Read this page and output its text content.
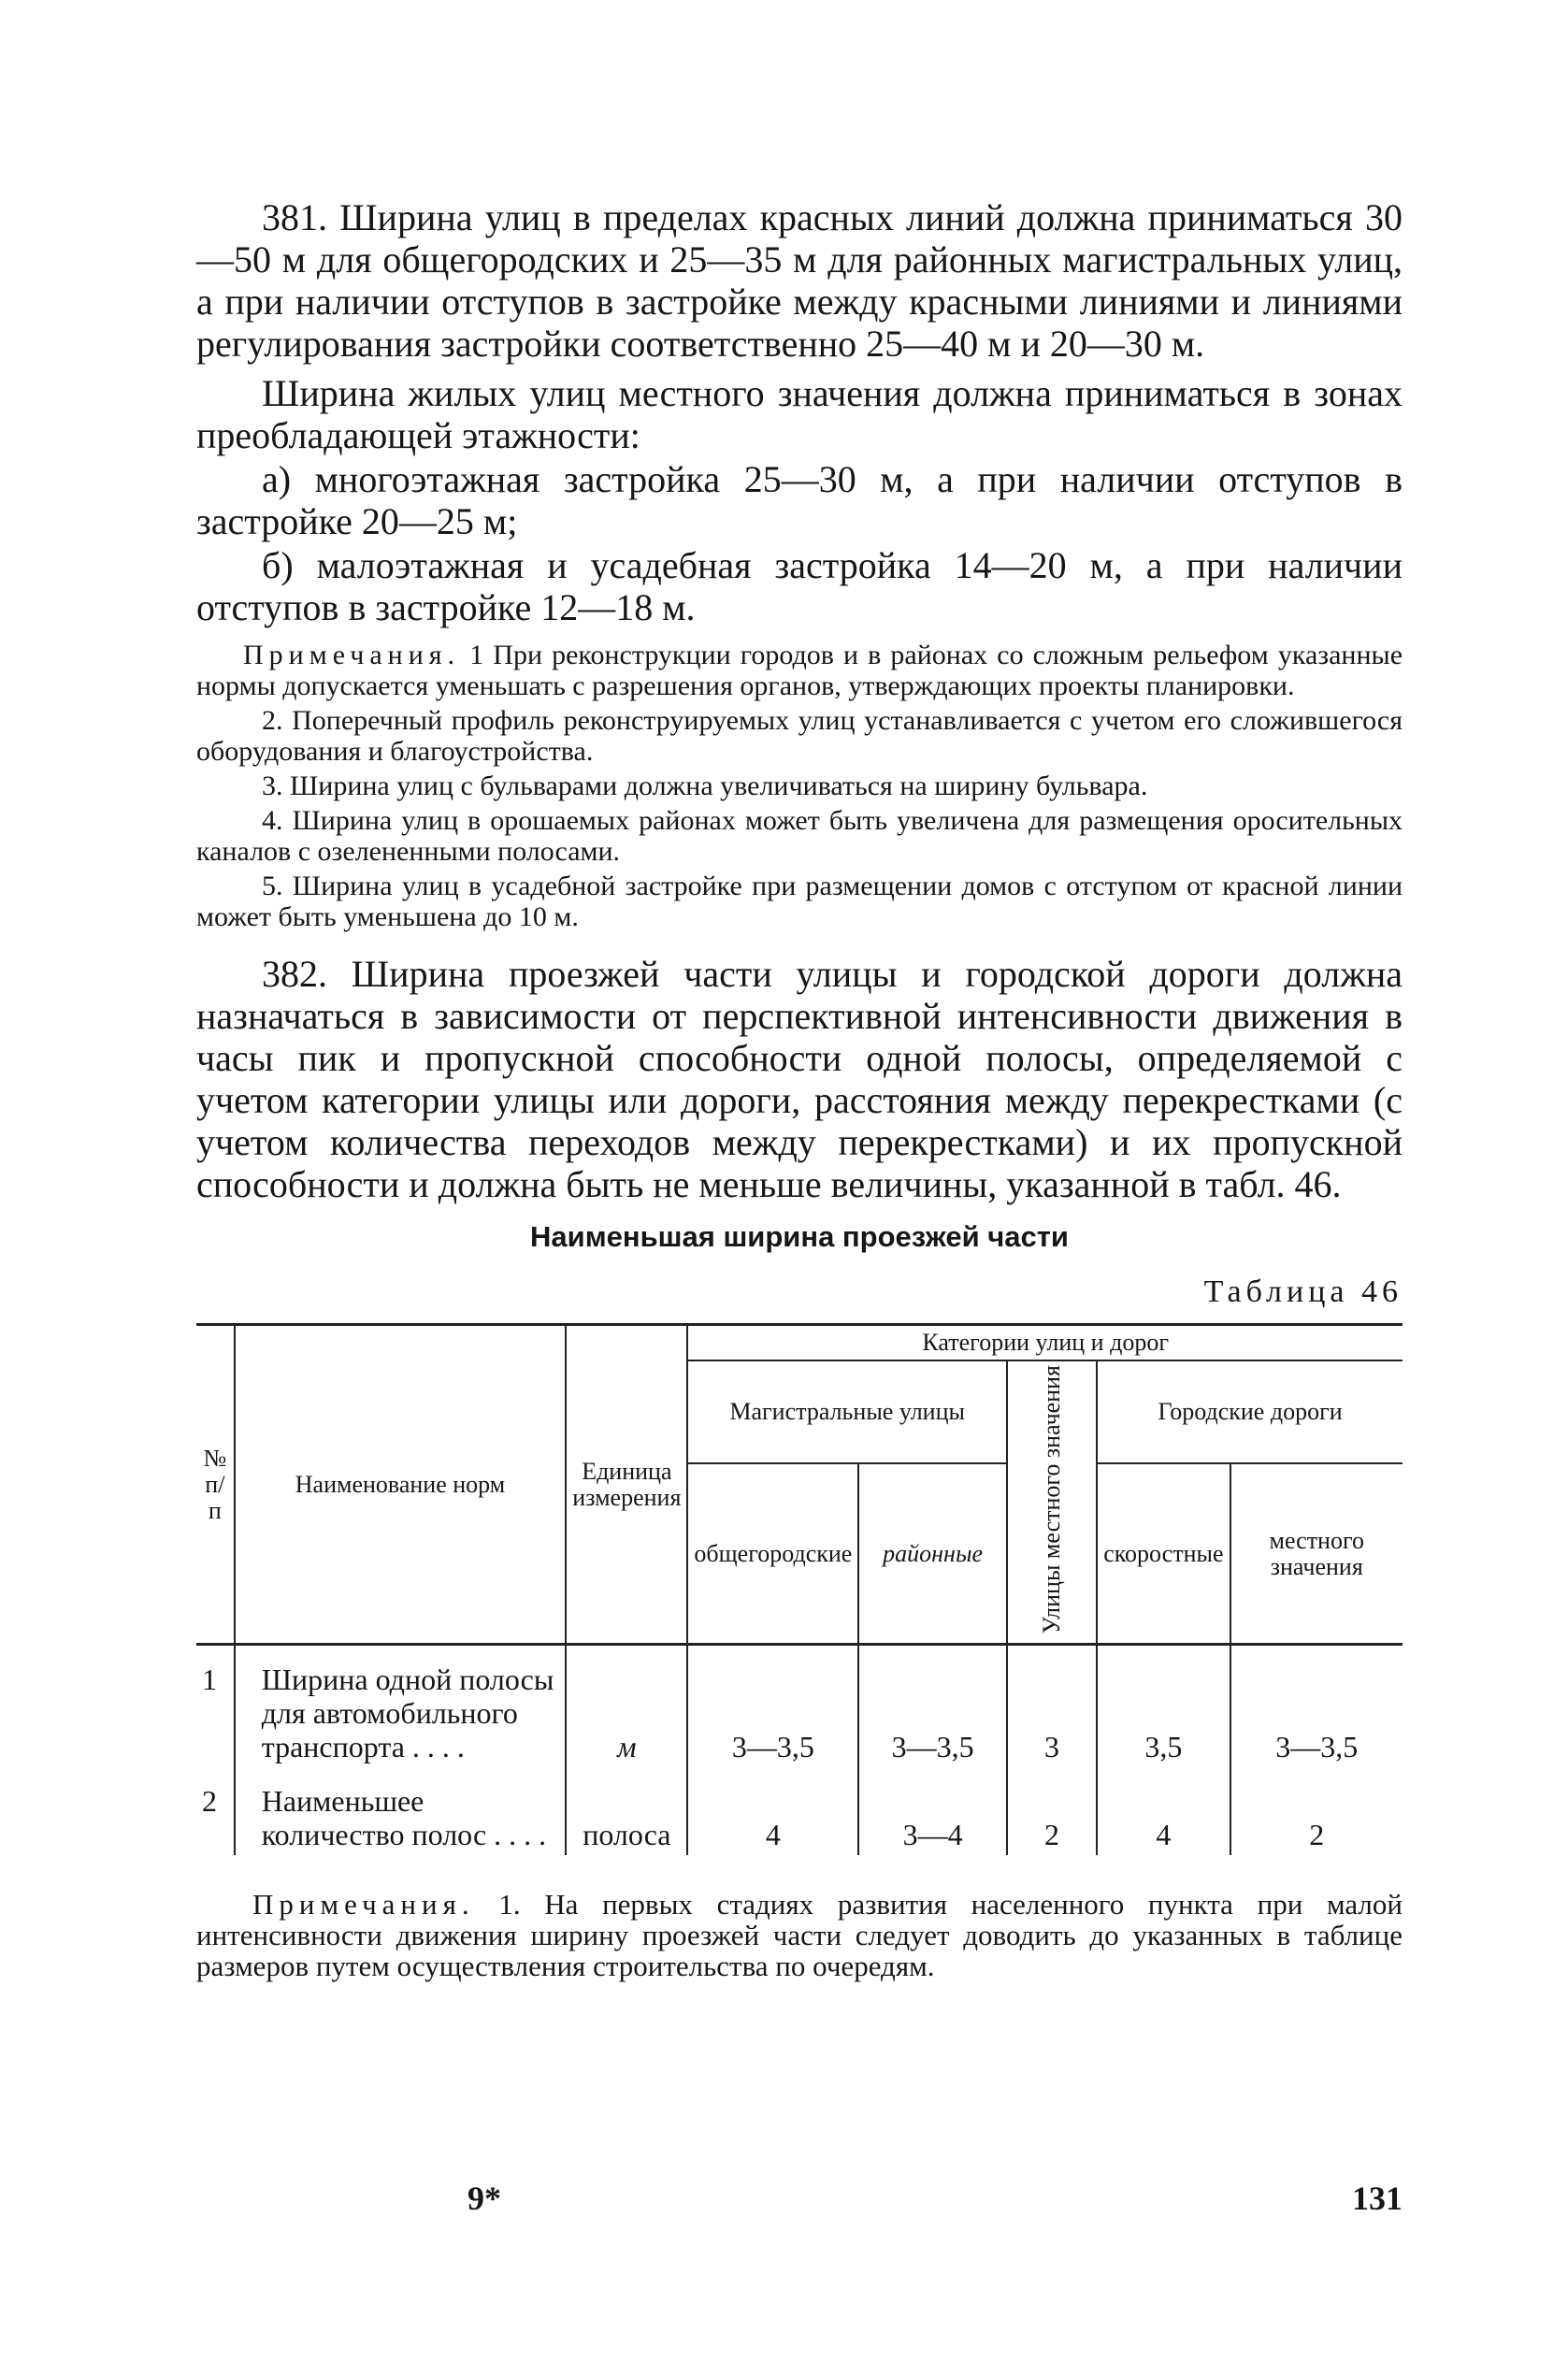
381. Ширина улиц в пределах красных линий должна приниматься 30—50 м для общегородских и 25—35 м для районных магистральных улиц, а при наличии отступов в застройке между красными линиями и линиями регулирования застройки соответственно 25—40 м и 20—30 м.

Ширина жилых улиц местного значения должна приниматься в зонах преобладающей этажности:

а) многоэтажная застройка 25—30 м, а при наличии отступов в застройке 20—25 м;

б) малоэтажная и усадебная застройка 14—20 м, а при наличии отступов в застройке 12—18 м.

Примечания. 1 При реконструкции городов и в районах со сложным рельефом указанные нормы допускается уменьшать с разрешения органов, утверждающих проекты планировки.

2. Поперечный профиль реконструируемых улиц устанавливается с учетом его сложившегося оборудования и благоустройства.

3. Ширина улиц с бульварами должна увеличиваться на ширину бульвара.

4. Ширина улиц в орошаемых районах может быть увеличена для размещения оросительных каналов с озелененными полосами.

5. Ширина улиц в усадебной застройке при размещении домов с отступом от красной линии может быть уменьшена до 10 м.

382. Ширина проезжей части улицы и городской дороги должна назначаться в зависимости от перспективной интенсивности движения в часы пик и пропускной способности одной полосы, определяемой с учетом категории улицы или дороги, расстояния между перекрестками (с учетом количества переходов между перекрестками) и их пропускной способности и должна быть не меньше величины, указанной в табл. 46.

Наименьшая ширина проезжей части
Таблица 46
№ п/п	Наименование норм	Единица измерения	Категории улиц и дорог				
			Магистральные улицы		Улицы местного значения	Городские дороги	
			общегородские	районные		скоростные	местного значения
1	Ширина одной полосы для автомобильного транспорта . . . .	м	3—3,5	3—3,5	3	3,5	3—3,5
2	Наименьшее количество полос . . . .	полоса	4	3—4	2	4	2

Примечания. 1. На первых стадиях развития населенного пункта при малой интенсивности движения ширину проезжей части следует доводить до указанных в таблице размеров путем осуществления строительства по очередям.

9*	131
